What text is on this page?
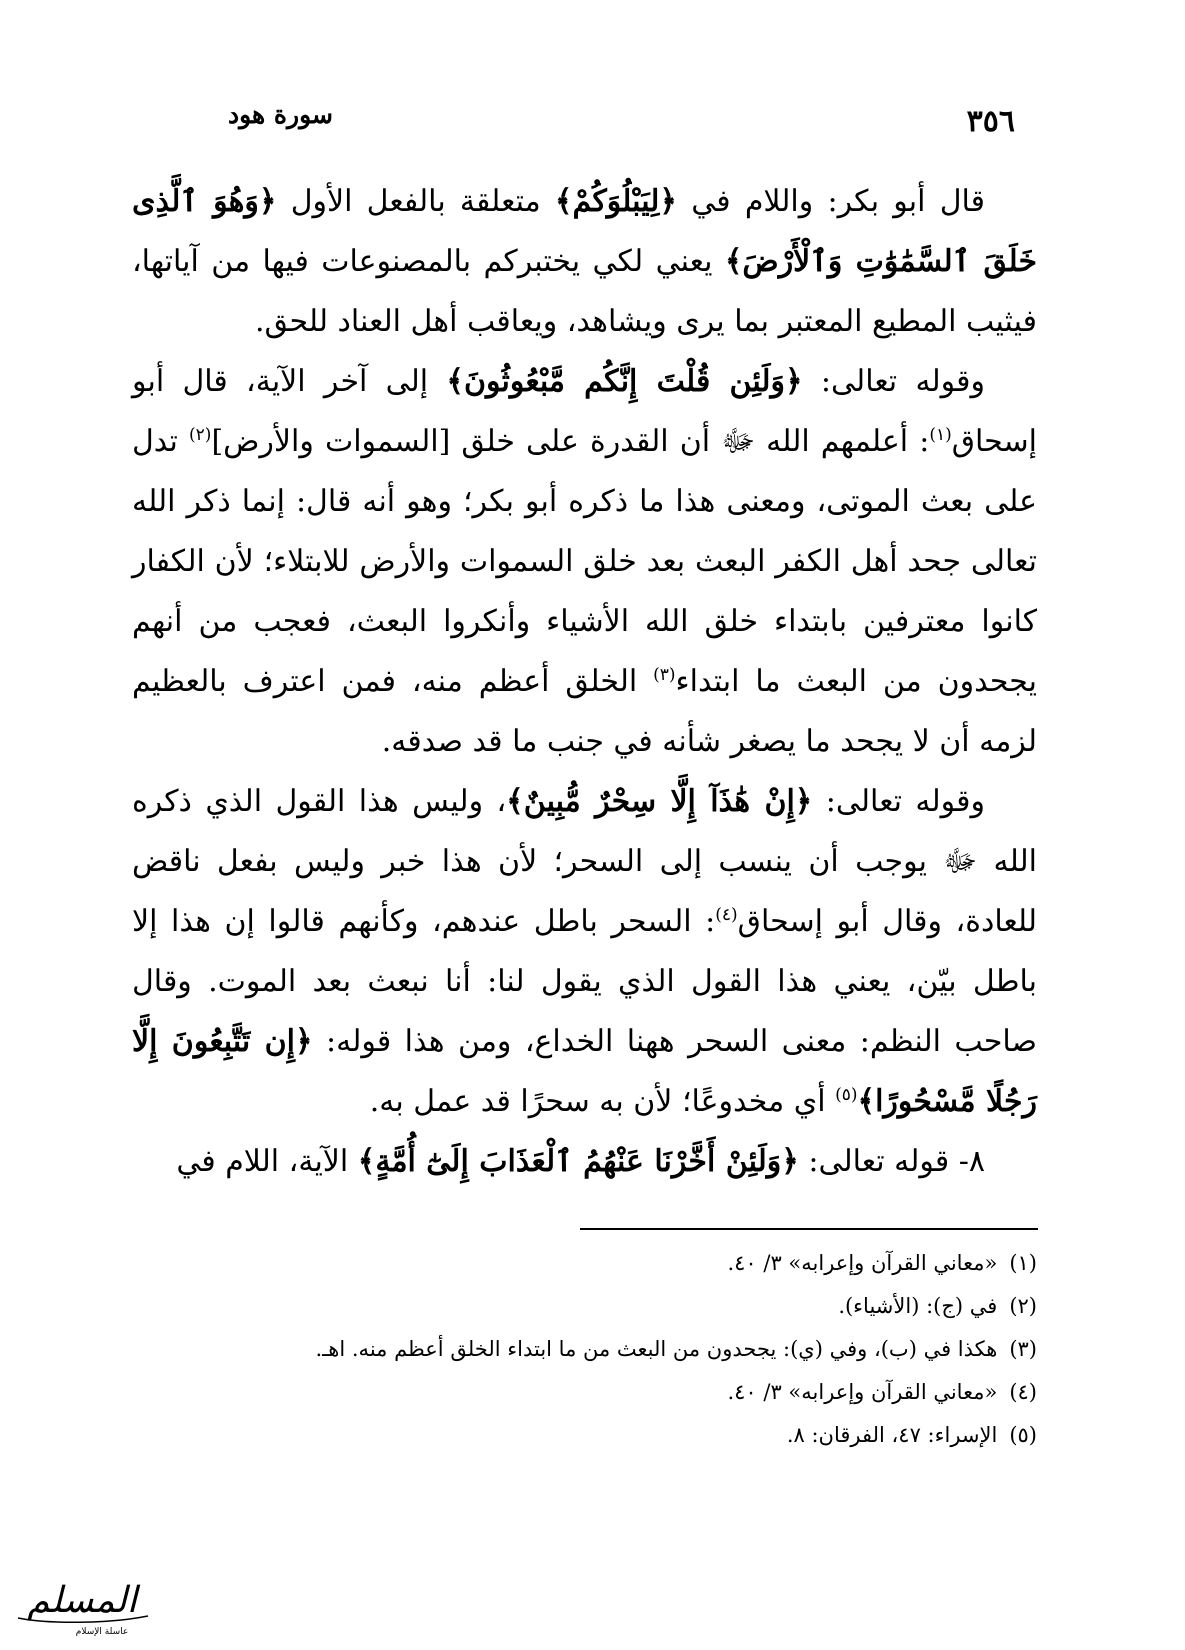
سورة هود	٣٥٦

قال أبو بكر: واللام في ﴿لِيَبْلُوَكُمْ﴾ متعلقة بالفعل الأول ﴿وَهُوَ ٱلَّذِى خَلَقَ ٱلسَّمَٰوَٰتِ وَٱلْأَرْضَ﴾ يعني لكي يختبركم بالمصنوعات فيها من آياتها، فيثيب المطيع المعتبر بما يرى ويشاهد، ويعاقب أهل العناد للحق.

وقوله تعالى: ﴿وَلَئِن قُلْتَ إِنَّكُم مَّبْعُوثُونَ﴾ إلى آخر الآية، قال أبو إسحاق$^{(١)}$: أعلمهم الله ﷻ أن القدرة على خلق [السموات والأرض]$^{(٢)}$ تدل على بعث الموتى، ومعنى هذا ما ذكره أبو بكر؛ وهو أنه قال: إنما ذكر الله تعالى جحد أهل الكفر البعث بعد خلق السموات والأرض للابتلاء؛ لأن الكفار كانوا معترفين بابتداء خلق الله الأشياء وأنكروا البعث، فعجب من أنهم يجحدون من البعث ما ابتداء$^{(٣)}$ الخلق أعظم منه، فمن اعترف بالعظيم لزمه أن لا يجحد ما يصغر شأنه في جنب ما قد صدقه.

وقوله تعالى: ﴿إِنْ هَٰذَآ إِلَّا سِحْرٌ مُّبِينٌ﴾، وليس هذا القول الذي ذكره الله ﷻ يوجب أن ينسب إلى السحر؛ لأن هذا خبر وليس بفعل ناقض للعادة، وقال أبو إسحاق$^{(٤)}$: السحر باطل عندهم، وكأنهم قالوا إن هذا إلا باطل بيّن، يعني هذا القول الذي يقول لنا: أنا نبعث بعد الموت. وقال صاحب النظم: معنى السحر ههنا الخداع، ومن هذا قوله: ﴿إِن تَتَّبِعُونَ إِلَّا رَجُلًا مَّسْحُورًا﴾$^{(٥)}$ أي مخدوعًا؛ لأن به سحرًا قد عمل به.

٨- قوله تعالى: ﴿وَلَئِنْ أَخَّرْنَا عَنْهُمُ ٱلْعَذَابَ إِلَىٰٓ أُمَّةٍ﴾ الآية، اللام في

(١)«معاني القرآن وإعرابه» ٣/ ٤٠.
(٢)في (ج): (الأشياء).
(٣)هكذا في (ب)، وفي (ي): يجحدون من البعث من ما ابتداء الخلق أعظم منه. اهـ.
(٤)«معاني القرآن وإعرابه» ٣/ ٤٠.
(٥)الإسراء: ٤٧، الفرقان: ٨.
المسلم
عاسلة الإسلام
